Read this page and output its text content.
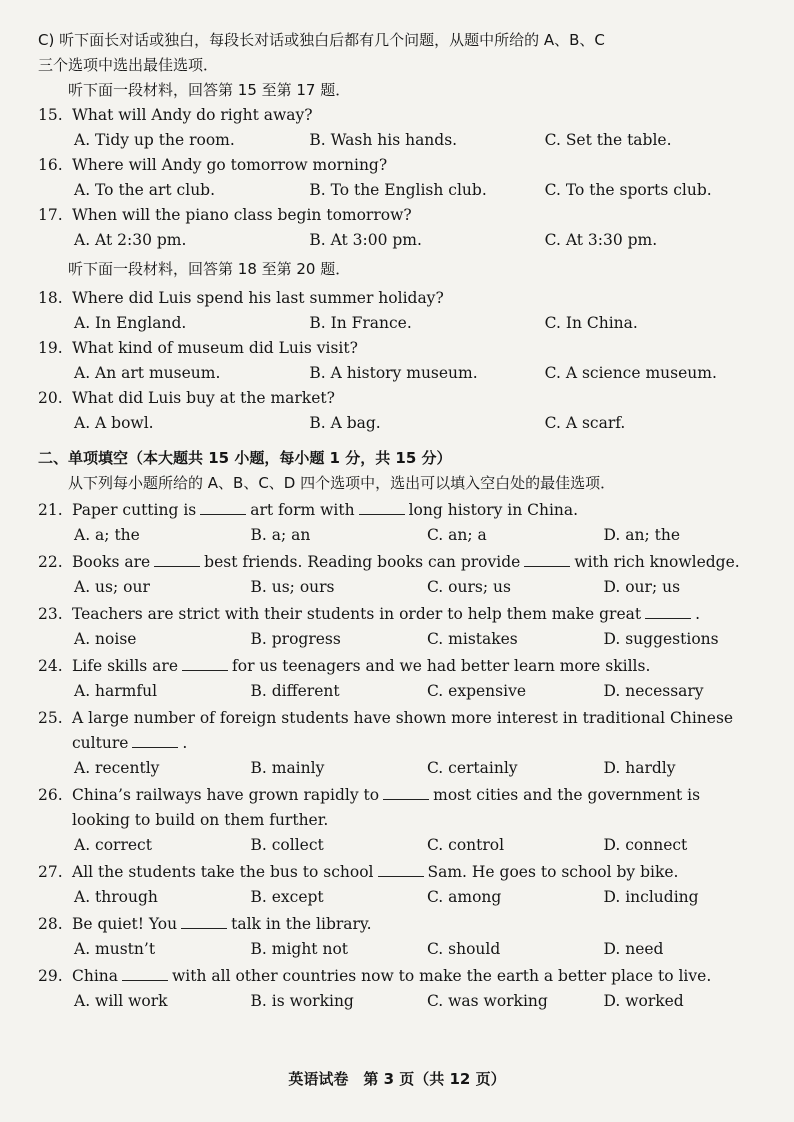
C) 听下面长对话或独白，每段长对话或独白后都有几个问题，从题中所给的 A、B、C
三个选项中选出最佳选项．
听下面一段材料，回答第 15 至第 17 题．
15. What will Andy do right away?
A. Tidy up the room.	B. Wash his hands.	C. Set the table.
16. Where will Andy go tomorrow morning?
A. To the art club.	B. To the English club.	C. To the sports club.
17. When will the piano class begin tomorrow?
A. At 2:30 pm.	B. At 3:00 pm.	C. At 3:30 pm.
听下面一段材料，回答第 18 至第 20 题．
18. Where did Luis spend his last summer holiday?
A. In England.	B. In France.	C. In China.
19. What kind of museum did Luis visit?
A. An art museum.	B. A history museum.	C. A science museum.
20. What did Luis buy at the market?
A. A bowl.	B. A bag.	C. A scarf.
二、单项填空（本大题共 15 小题，每小题 1 分，共 15 分）
从下列每小题所给的 A、B、C、D 四个选项中，选出可以填入空白处的最佳选项．
21. Paper cutting is	art form with	long history in China.
A. a; the	B. a; an	C. an; a	D. an; the
22. Books are	best friends. Reading books can provide	with rich knowledge.
A. us; our	B. us; ours	C. ours; us	D. our; us
23. Teachers are strict with their students in order to help them make great	.
A. noise	B. progress	C. mistakes	D. suggestions
24. Life skills are	for us teenagers and we had better learn more skills.
A. harmful	B. different	C. expensive	D. necessary
25. A large number of foreign students have shown more interest in traditional Chinese
culture	.
A. recently	B. mainly	C. certainly	D. hardly
26. China’s railways have grown rapidly to	most cities and the government is
looking to build on them further.
A. correct	B. collect	C. control	D. connect
27. All the students take the bus to school	Sam. He goes to school by bike.
A. through	B. except	C. among	D. including
28. Be quiet! You	talk in the library.
A. mustn’t	B. might not	C. should	D. need
29. China	with all other countries now to make the earth a better place to live.
A. will work	B. is working	C. was working	D. worked
英语试卷　第 3 页（共 12 页）
